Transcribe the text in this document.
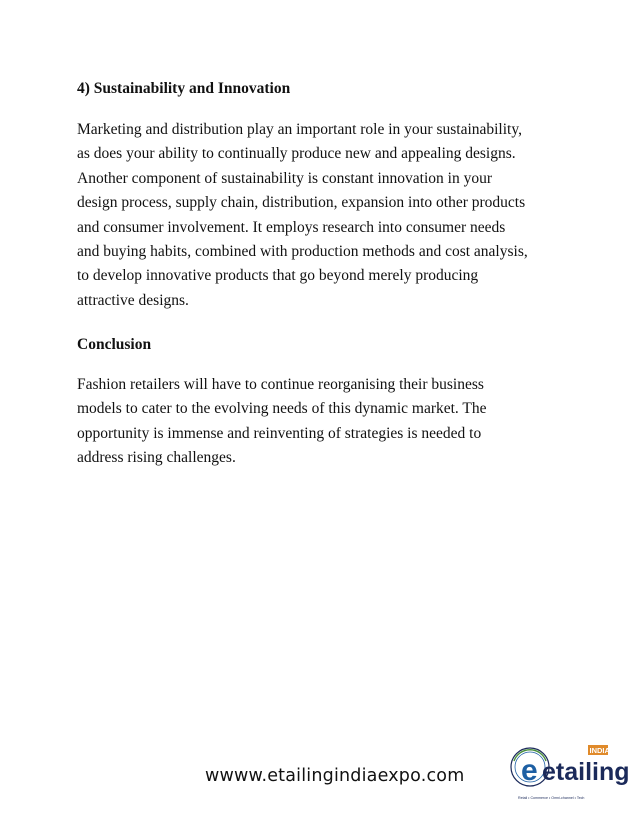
4) Sustainability and Innovation

Marketing and distribution play an important role in your sustainability,
as does your ability to continually produce new and appealing designs.
Another component of sustainability is constant innovation in your
design process, supply chain, distribution, expansion into other products
and consumer involvement. It employs research into consumer needs
and buying habits, combined with production methods and cost analysis,
to develop innovative products that go beyond merely producing
attractive designs.

Conclusion

Fashion retailers will have to continue reorganising their business
models to cater to the evolving needs of this dynamic market. The
opportunity is immense and reinventing of strategies is needed to
address rising challenges.

wwww.etailingindiaexpo.com e etailing
INDIA
Retail • Commerce • Omni-channel • Tech
